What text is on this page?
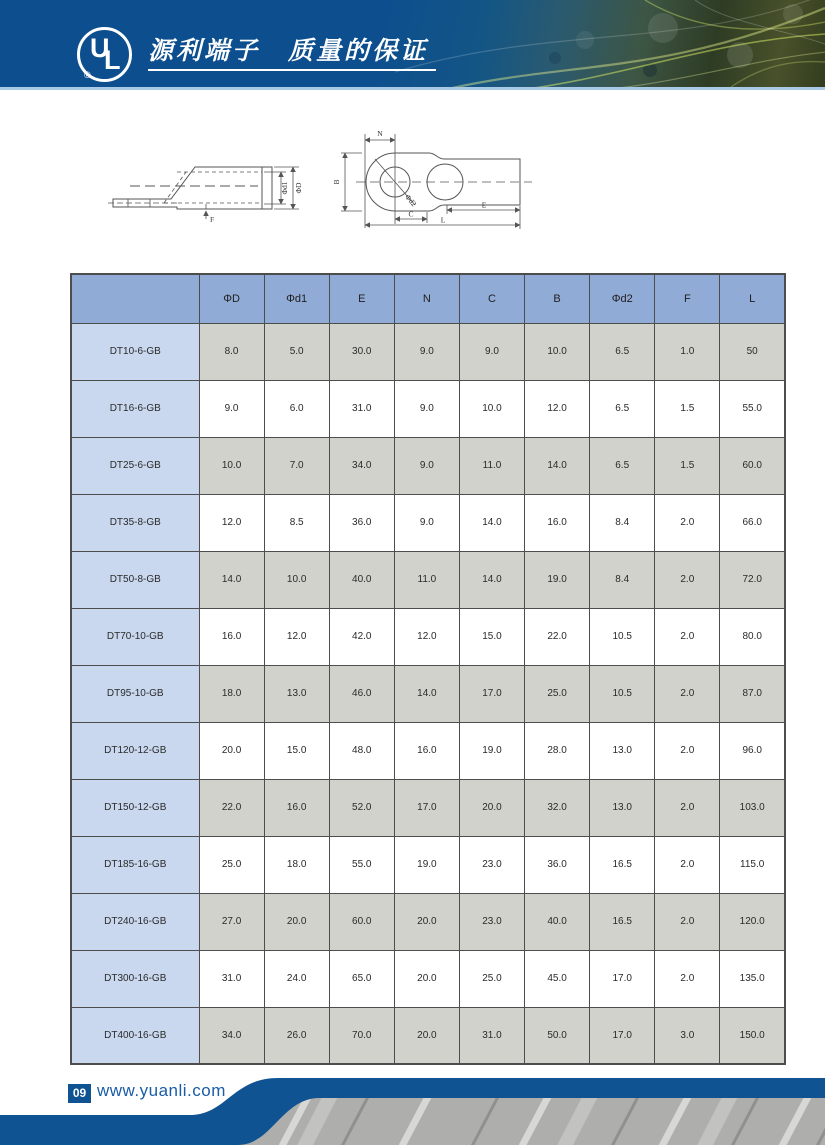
U
L
®
源利端子　质量的保证
Φd1 ΦD
F
N
B
Φd2
C
E
L
	ΦD	Φd1	E	N	C	B	Φd2	F	L
DT10-6-GB	8.0	5.0	30.0	9.0	9.0	10.0	6.5	1.0	50
DT16-6-GB	9.0	6.0	31.0	9.0	10.0	12.0	6.5	1.5	55.0
DT25-6-GB	10.0	7.0	34.0	9.0	11.0	14.0	6.5	1.5	60.0
DT35-8-GB	12.0	8.5	36.0	9.0	14.0	16.0	8.4	2.0	66.0
DT50-8-GB	14.0	10.0	40.0	11.0	14.0	19.0	8.4	2.0	72.0
DT70-10-GB	16.0	12.0	42.0	12.0	15.0	22.0	10.5	2.0	80.0
DT95-10-GB	18.0	13.0	46.0	14.0	17.0	25.0	10.5	2.0	87.0
DT120-12-GB	20.0	15.0	48.0	16.0	19.0	28.0	13.0	2.0	96.0
DT150-12-GB	22.0	16.0	52.0	17.0	20.0	32.0	13.0	2.0	103.0
DT185-16-GB	25.0	18.0	55.0	19.0	23.0	36.0	16.5	2.0	115.0
DT240-16-GB	27.0	20.0	60.0	20.0	23.0	40.0	16.5	2.0	120.0
DT300-16-GB	31.0	24.0	65.0	20.0	25.0	45.0	17.0	2.0	135.0
DT400-16-GB	34.0	26.0	70.0	20.0	31.0	50.0	17.0	3.0	150.0
09 www.yuanli.com
